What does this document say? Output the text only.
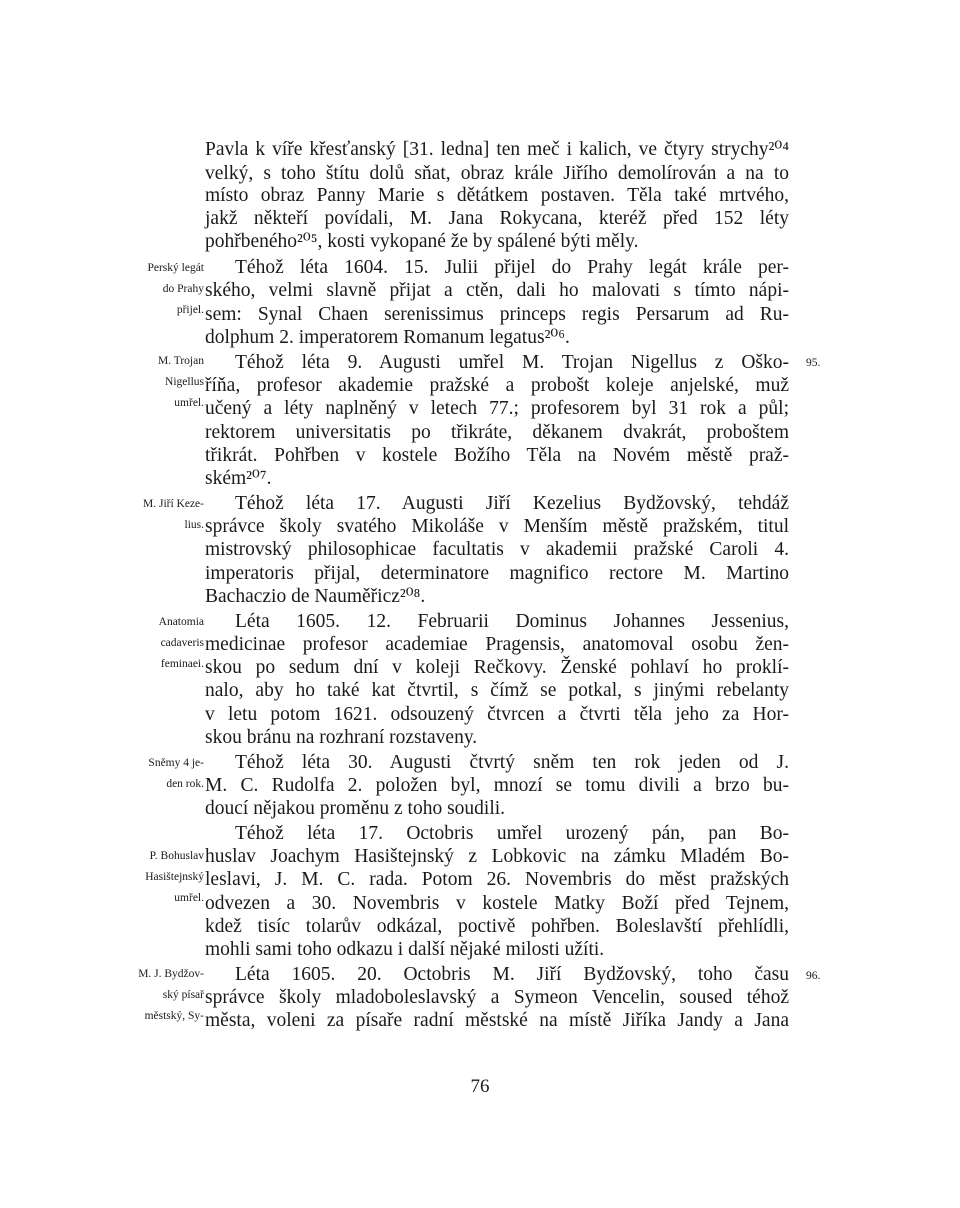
Pavla k víře křesťanský [31. ledna] ten meč i kalich, ve čtyry strychy²⁰⁴
velký, s toho štítu dolů sňat, obraz krále Jiřího demolírován a na to
místo obraz Panny Marie s dětátkem postaven. Těla také mrtvého,
jakž někteří povídali, M. Jana Rokycana, kteréž před 152 léty
pohřbeného²⁰⁵, kosti vykopané že by spálené býti měly.
Téhož léta 1604. 15. Julii přijel do Prahy legát krále per-
ského, velmi slavně přijat a ctěn, dali ho malovati s tímto nápi-
sem: Synal Chaen serenissimus princeps regis Persarum ad Ru-
dolphum 2. imperatorem Romanum legatus²⁰⁶.
Téhož léta 9. Augusti umřel M. Trojan Nigellus z Oško-
říňa, profesor akademie pražské a probošt koleje anjelské, muž
učený a léty naplněný v letech 77.; profesorem byl 31 rok a půl;
rektorem universitatis po třikráte, děkanem dvakrát, proboštem
třikrát. Pohřben v kostele Božího Těla na Novém městě praž-
ském²⁰⁷.
Téhož léta 17. Augusti Jiří Kezelius Bydžovský, tehdáž
správce školy svatého Mikoláše v Menším městě pražském, titul
mistrovský philosophicae facultatis v akademii pražské Caroli 4.
imperatoris přijal, determinatore magnifico rectore M. Martino
Bachaczio de Nauměřicz²⁰⁸.
Léta 1605. 12. Februarii Dominus Johannes Jessenius,
medicinae profesor academiae Pragensis, anatomoval osobu žen-
skou po sedum dní v koleji Rečkovy. Ženské pohlaví ho proklí-
nalo, aby ho také kat čtvrtil, s čímž se potkal, s jinými rebelanty
v letu potom 1621. odsouzený čtvrcen a čtvrti těla jeho za Hor-
skou bránu na rozhraní rozstaveny.
Téhož léta 30. Augusti čtvrtý sněm ten rok jeden od J.
M. C. Rudolfa 2. položen byl, mnozí se tomu divili a brzo bu-
doucí nějakou proměnu z toho soudili.
Téhož léta 17. Octobris umřel urozený pán, pan Bo-
huslav Joachym Hasištejnský z Lobkovic na zámku Mladém Bo-
leslavi, J. M. C. rada. Potom 26. Novembris do měst pražských
odvezen a 30. Novembris v kostele Matky Boží před Tejnem,
kdež tisíc tolarův odkázal, poctivě pohřben. Boleslavští přehlídli,
mohli sami toho odkazu i další nějaké milosti užíti.
Léta 1605. 20. Octobris M. Jiří Bydžovský, toho času
správce školy mladoboleslavský a Symeon Vencelin, soused téhož
města, voleni za písaře radní městské na místě Jiříka Jandy a Jana
Perský legát
do Prahy
přijel.
M. Trojan
Nigellus
umřel.
M. Jiří Keze-
lius.
Anatomia
cadaveris
feminaei.
Sněmy 4 je-
den rok.
P. Bohuslav
Hasištejnský
umřel.
M. J. Bydžov-
ský písař
městský, Sy-
95.
96.
76
